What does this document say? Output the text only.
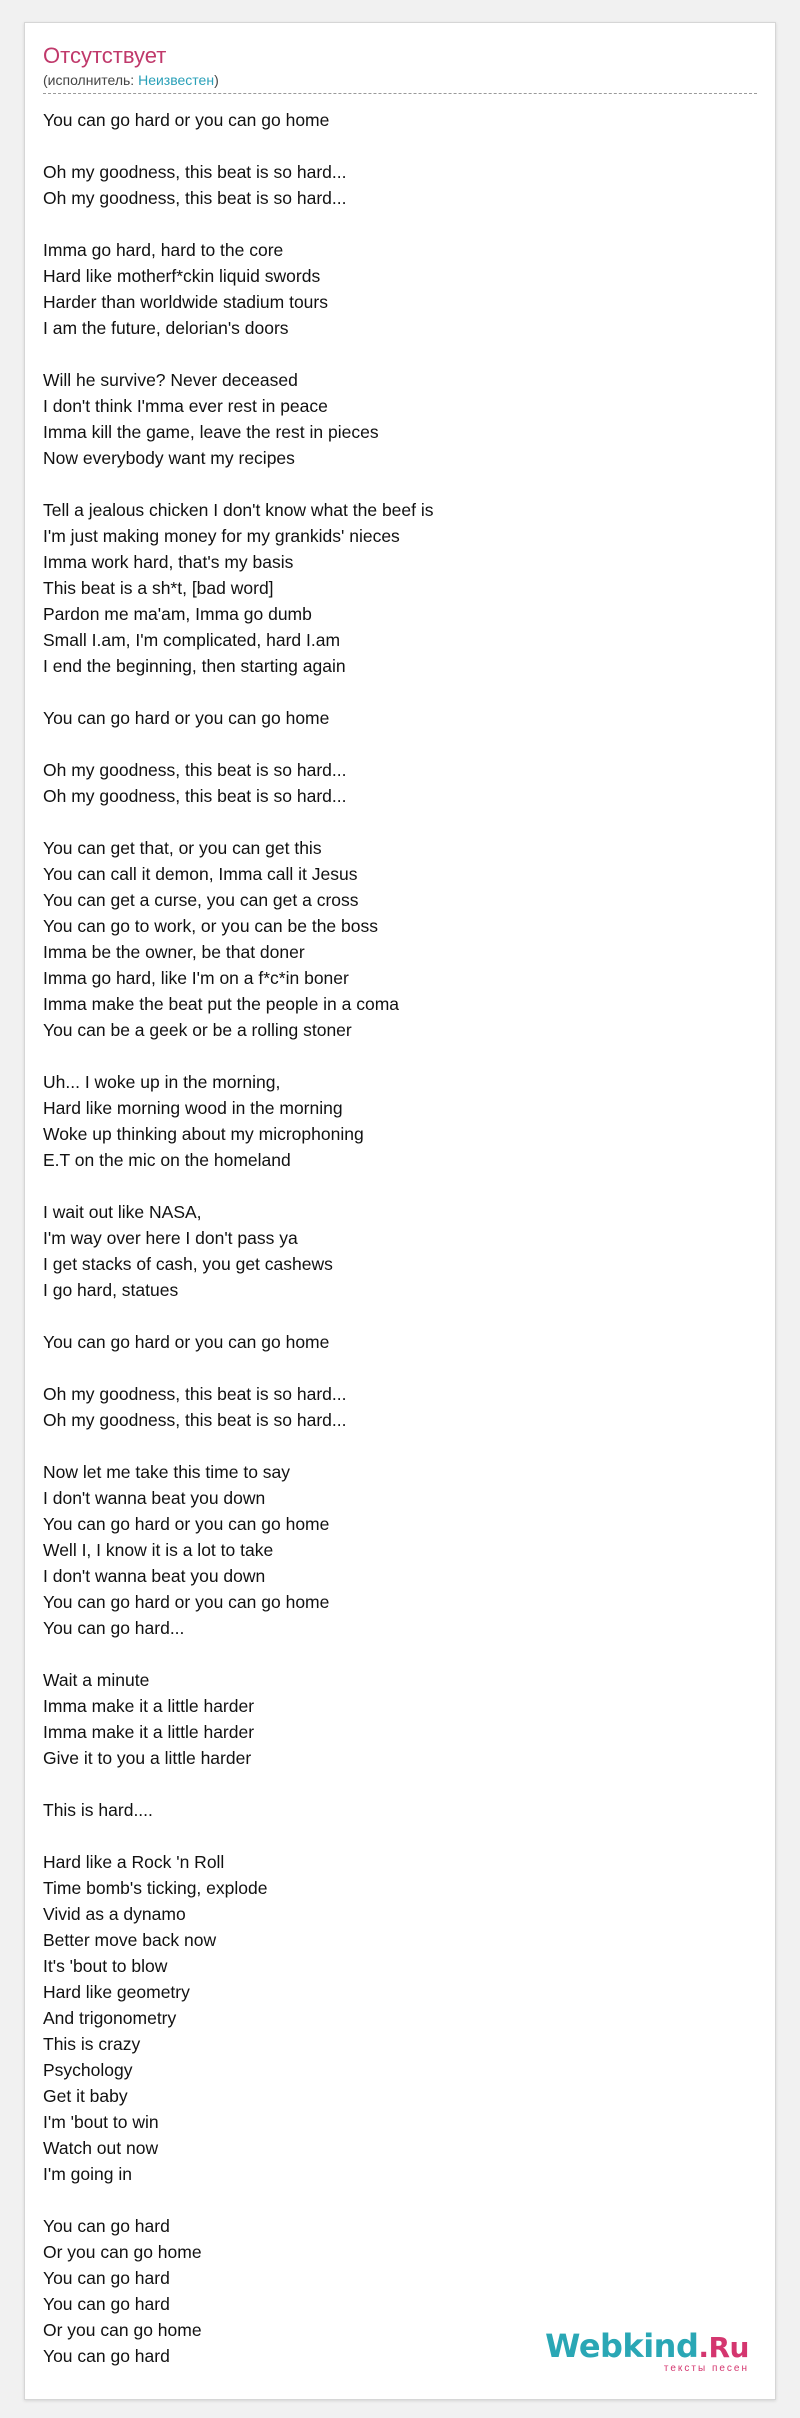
Отсутствует
(исполнитель: Неизвестен)
You can go hard or you can go home

Oh my goodness, this beat is so hard...
Oh my goodness, this beat is so hard...

Imma go hard, hard to the core
Hard like motherf*ckin liquid swords
Harder than worldwide stadium tours
I am the future, delorian's doors

Will he survive? Never deceased
I don't think I'mma ever rest in peace
Imma kill the game, leave the rest in pieces
Now everybody want my recipes

Tell a jealous chicken I don't know what the beef is
I'm just making money for my grankids' nieces
Imma work hard, that's my basis
This beat is a sh*t, [bad word]
Pardon me ma'am, Imma go dumb
Small I.am, I'm complicated, hard I.am
I end the beginning, then starting again

You can go hard or you can go home

Oh my goodness, this beat is so hard...
Oh my goodness, this beat is so hard...

You can get that, or you can get this
You can call it demon, Imma call it Jesus
You can get a curse, you can get a cross
You can go to work, or you can be the boss
Imma be the owner, be that doner
Imma go hard, like I'm on a f*c*in boner
Imma make the beat put the people in a coma
You can be a geek or be a rolling stoner

Uh... I woke up in the morning,
Hard like morning wood in the morning
Woke up thinking about my microphoning
E.T on the mic on the homeland

I wait out like NASA,
I'm way over here I don't pass ya
I get stacks of cash, you get cashews
I go hard, statues

You can go hard or you can go home

Oh my goodness, this beat is so hard...
Oh my goodness, this beat is so hard...

Now let me take this time to say
I don't wanna beat you down
You can go hard or you can go home
Well I, I know it is a lot to take
I don't wanna beat you down
You can go hard or you can go home
You can go hard...

Wait a minute
Imma make it a little harder
Imma make it a little harder
Give it to you a little harder

This is hard....

Hard like a Rock 'n Roll
Time bomb's ticking, explode
Vivid as a dynamo
Better move back now
It's 'bout to blow
Hard like geometry
And trigonometry
This is crazy
Psychology
Get it baby
I'm 'bout to win
Watch out now
I'm going in

You can go hard
Or you can go home
You can go hard
You can go hard
Or you can go home
You can go hard	Webkind.Ru
тексты песен
